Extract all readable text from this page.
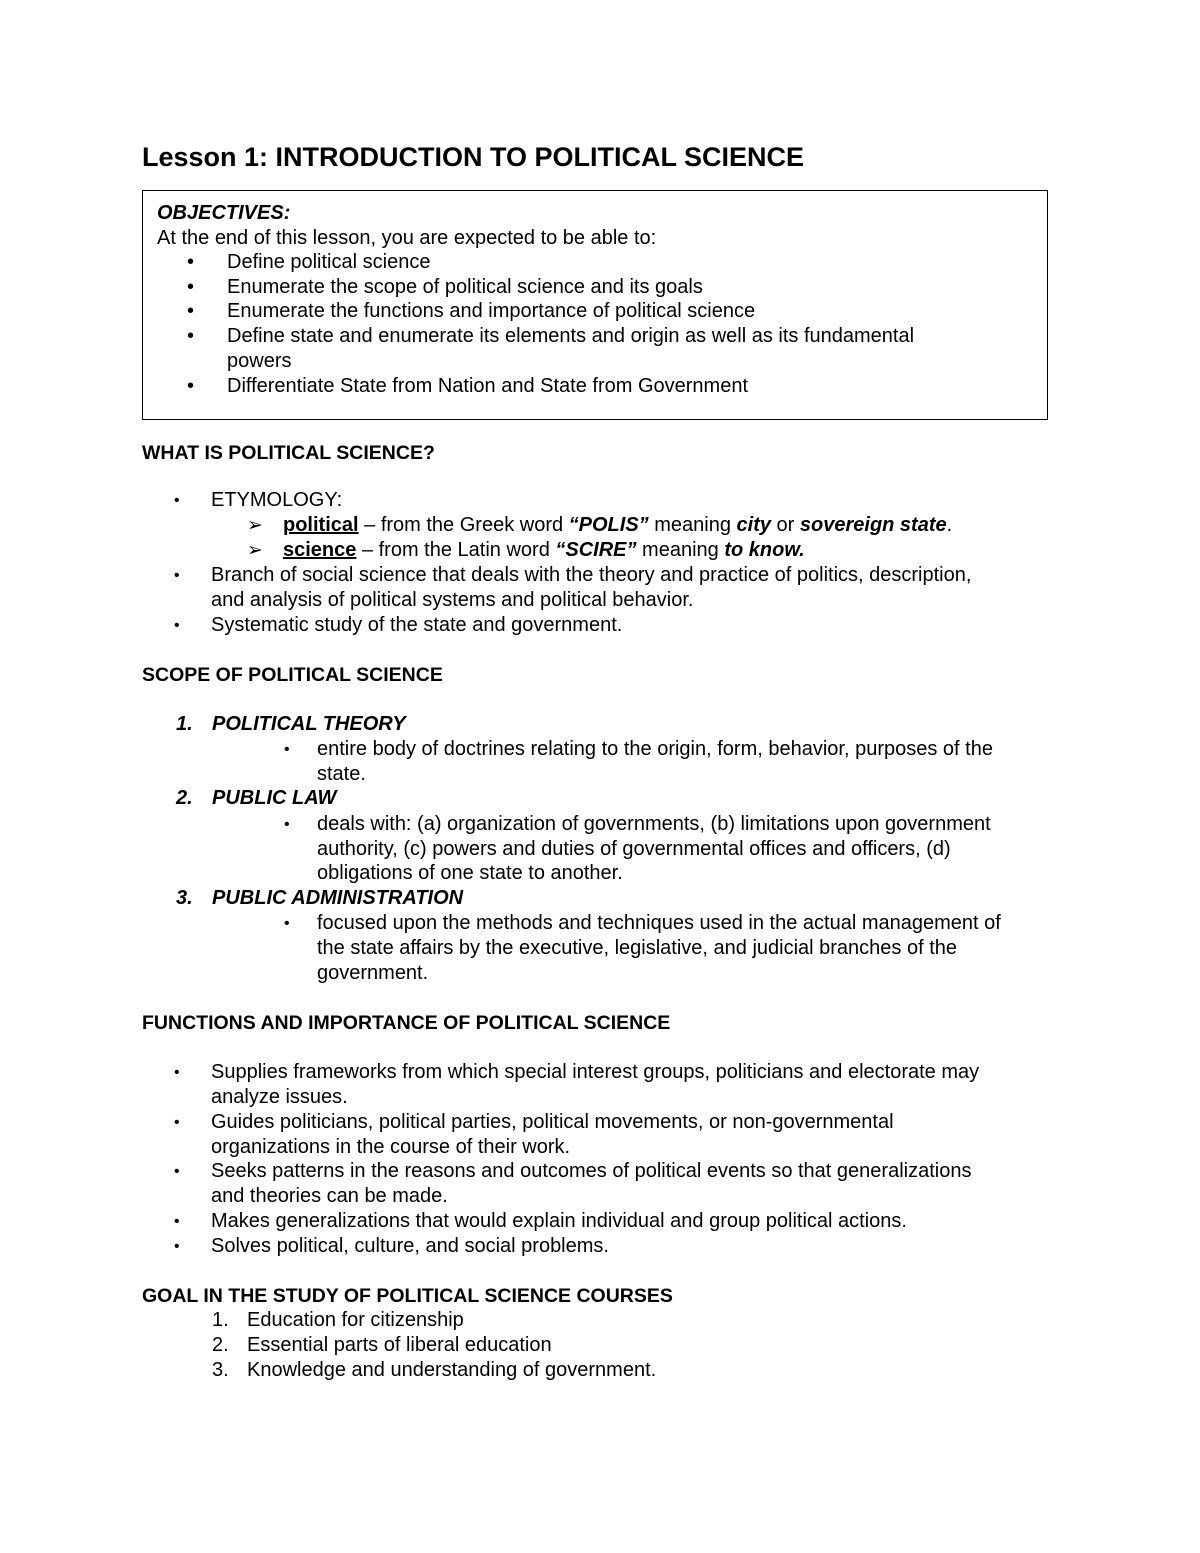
Lesson 1: INTRODUCTION TO POLITICAL SCIENCE
OBJECTIVES:
At the end of this lesson, you are expected to be able to:
• Define political science
• Enumerate the scope of political science and its goals
• Enumerate the functions and importance of political science
• Define state and enumerate its elements and origin as well as its fundamental
powers
• Differentiate State from Nation and State from Government
WHAT IS POLITICAL SCIENCE?
• ETYMOLOGY:
➢ political – from the Greek word “POLIS” meaning city or sovereign state.
➢ science – from the Latin word “SCIRE” meaning to know.
• Branch of social science that deals with the theory and practice of politics, description,
and analysis of political systems and political behavior.
• Systematic study of the state and government.
SCOPE OF POLITICAL SCIENCE
1. POLITICAL THEORY
• entire body of doctrines relating to the origin, form, behavior, purposes of the
state.
2. PUBLIC LAW
• deals with: (a) organization of governments, (b) limitations upon government
authority, (c) powers and duties of governmental offices and officers, (d)
obligations of one state to another.
3. PUBLIC ADMINISTRATION
• focused upon the methods and techniques used in the actual management of
the state affairs by the executive, legislative, and judicial branches of the
government.
FUNCTIONS AND IMPORTANCE OF POLITICAL SCIENCE
• Supplies frameworks from which special interest groups, politicians and electorate may
analyze issues.
• Guides politicians, political parties, political movements, or non-governmental
organizations in the course of their work.
• Seeks patterns in the reasons and outcomes of political events so that generalizations
and theories can be made.
• Makes generalizations that would explain individual and group political actions.
• Solves political, culture, and social problems.
GOAL IN THE STUDY OF POLITICAL SCIENCE COURSES
1. Education for citizenship
2. Essential parts of liberal education
3. Knowledge and understanding of government.
